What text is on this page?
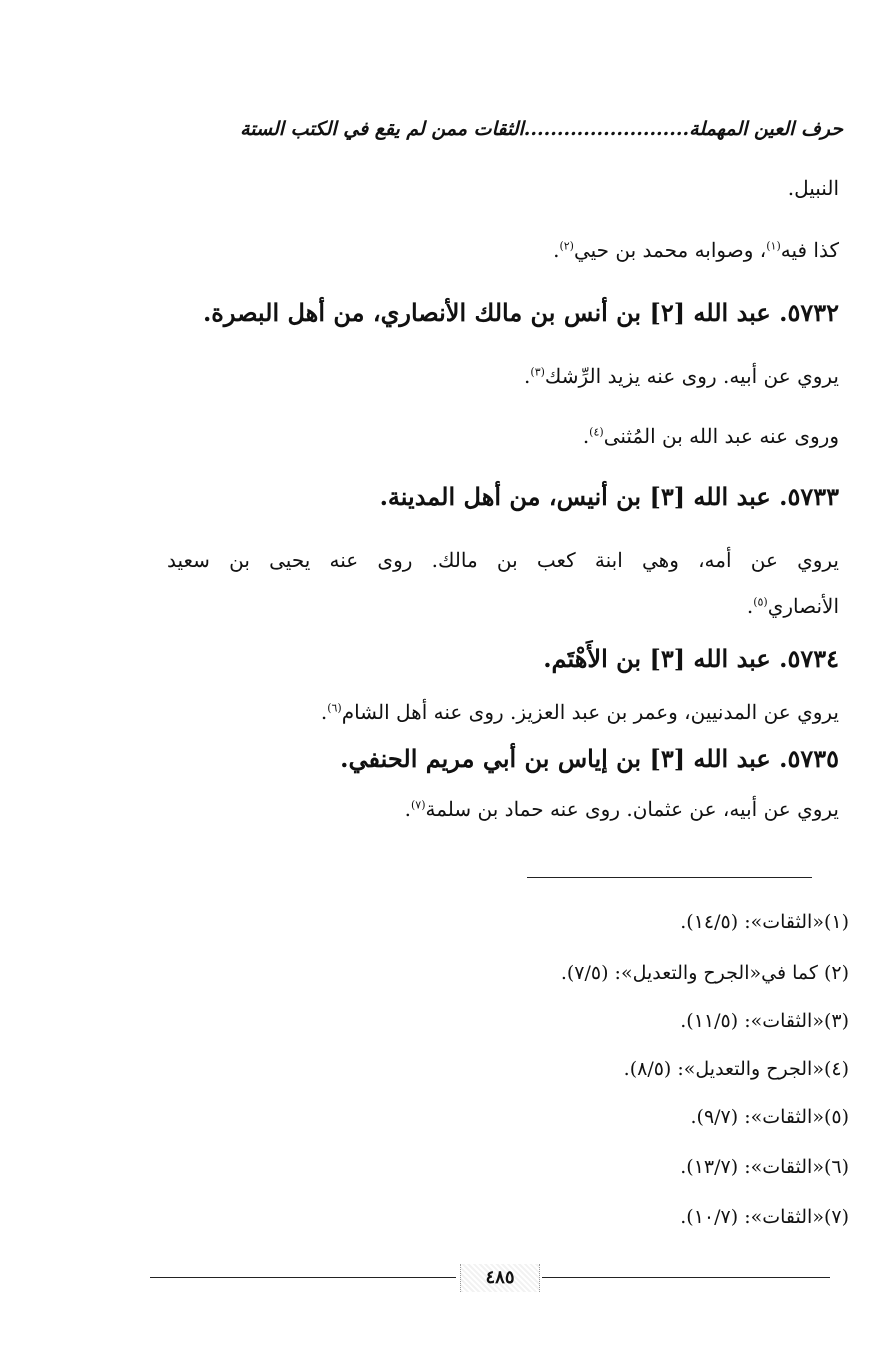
حرف العين المهملة.........................الثقات ممن لم يقع في الكتب الستة
النبيل.
كذا فيه$^{(١)}$، وصوابه محمد بن حيي$^{(٢)}$.
٥٧٣٢. عبد الله [٢] بن أنس بن مالك الأنصاري، من أهل البصرة.
يروي عن أبيه. روى عنه يزيد الرِّشك$^{(٣)}$.
وروى عنه عبد الله بن المُثنى$^{(٤)}$.
٥٧٣٣. عبد الله [٣] بن أنيس، من أهل المدينة.
يروي عن أمه، وهي ابنة كعب بن مالك. روى عنه يحيى بن سعيد
الأنصاري$^{(٥)}$.
٥٧٣٤. عبد الله [٣] بن الأَهْتَم.
يروي عن المدنيين، وعمر بن عبد العزيز. روى عنه أهل الشام$^{(٦)}$.
٥٧٣٥. عبد الله [٣] بن إياس بن أبي مريم الحنفي.
يروي عن أبيه، عن عثمان. روى عنه حماد بن سلمة$^{(٧)}$.
(١)«الثقات»: (١٤/٥).
(٢) كما في«الجرح والتعديل»: (٧/٥).
(٣)«الثقات»: (١١/٥).
(٤)«الجرح والتعديل»: (٨/٥).
(٥)«الثقات»: (٩/٧).
(٦)«الثقات»: (١٣/٧).
(٧)«الثقات»: (١٠/٧).
٤٨٥
